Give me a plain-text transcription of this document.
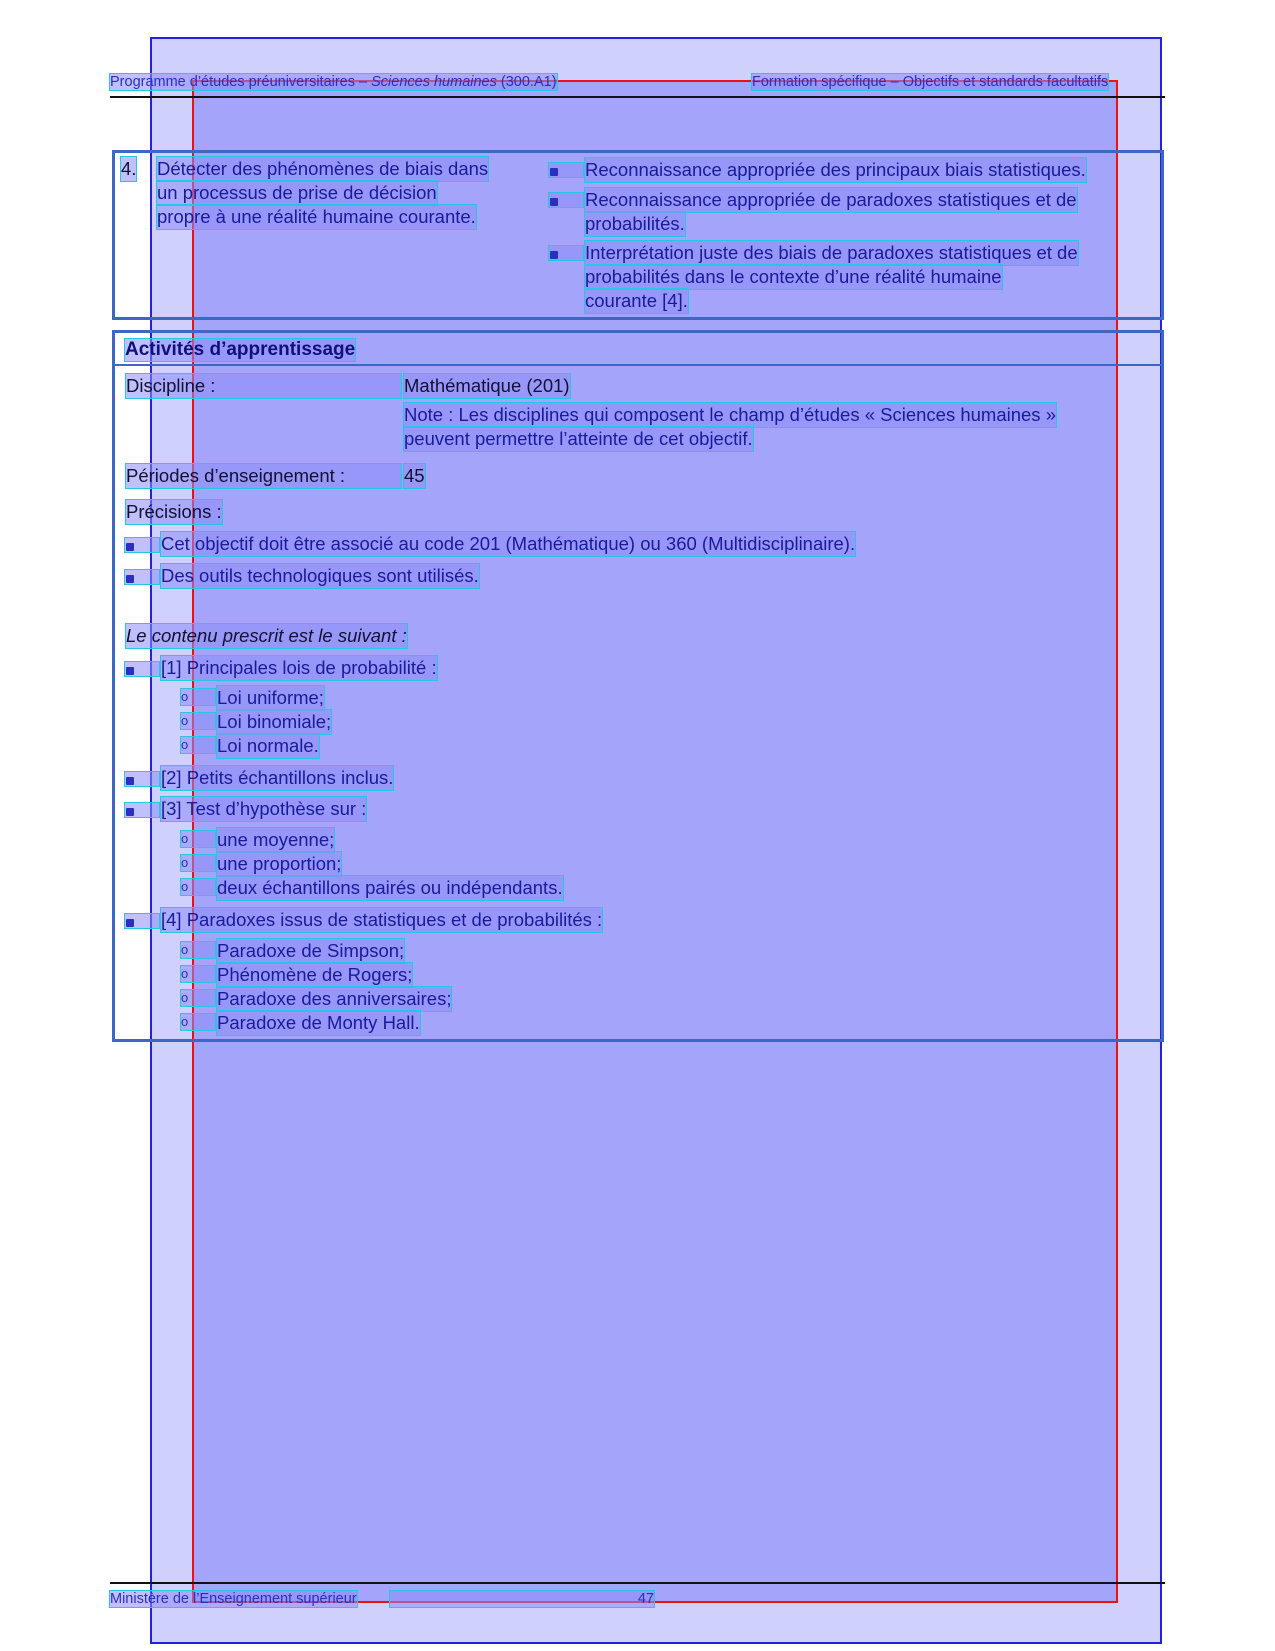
Programme d’études préuniversitaires – Sciences humaines (300.A1)	Formation spécifique – Objectifs et standards facultatifs
4. Détecter des phénomènes de biais dans
un processus de prise de décision
propre à une réalité humaine courante.
Reconnaissance appropriée des principaux biais statistiques.
Reconnaissance appropriée de paradoxes statistiques et de
probabilités.
Interprétation juste des biais de paradoxes statistiques et de
probabilités dans le contexte d’une réalité humaine
courante [4].
Activités d’apprentissage
Discipline :	Mathématique (201)
Note : Les disciplines qui composent le champ d’études « Sciences humaines »
peuvent permettre l’atteinte de cet objectif.
Périodes d’enseignement :	45
Précisions :
Cet objectif doit être associé au code 201 (Mathématique) ou 360 (Multidisciplinaire).
Des outils technologiques sont utilisés.
Le contenu prescrit est le suivant :
[1] Principales lois de probabilité :
o	Loi uniforme;
o	Loi binomiale;
o	Loi normale.
[2] Petits échantillons inclus.
[3] Test d’hypothèse sur :
o	une moyenne;
o	une proportion;
o	deux échantillons pairés ou indépendants.
[4] Paradoxes issus de statistiques et de probabilités :
o	Paradoxe de Simpson;
o	Phénomène de Rogers;
o	Paradoxe des anniversaires;
o	Paradoxe de Monty Hall.
Ministère de l’Enseignement supérieur	47
